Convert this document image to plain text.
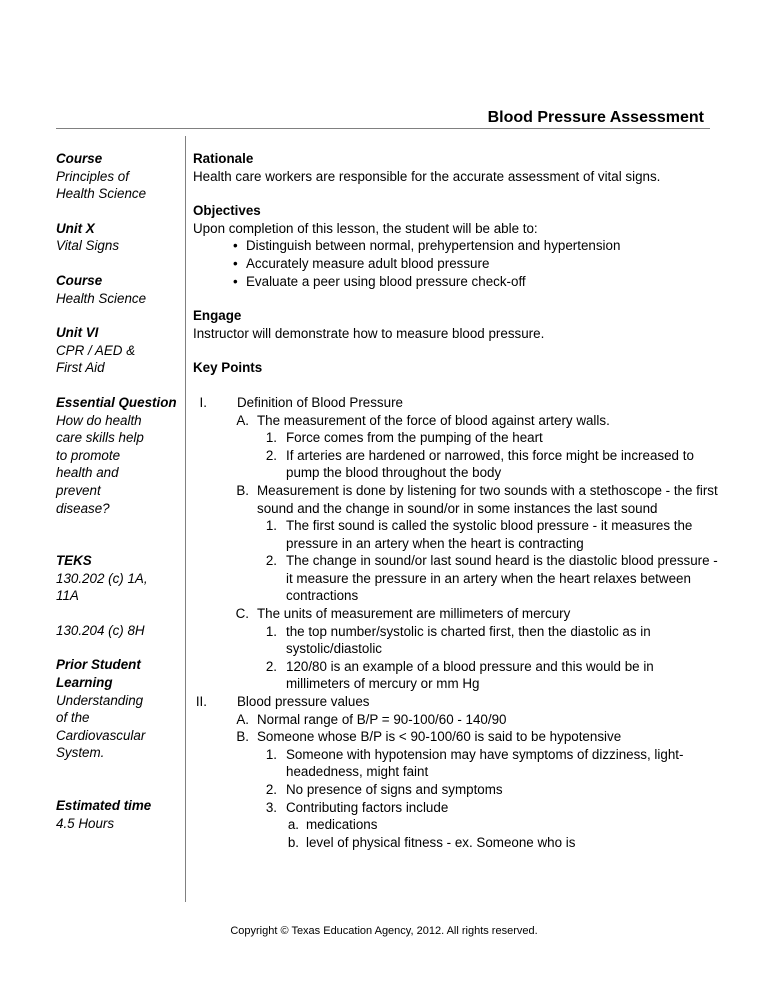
Blood Pressure Assessment
Course
Principles of
Health Science
Unit X
Vital Signs
Course
Health Science
Unit VI
CPR / AED &
First Aid
Essential Question
How do health
care skills help
to promote
health and
prevent
disease?
TEKS
130.202 (c) 1A,
11A
130.204 (c) 8H
Prior Student Learning
Understanding
of the
Cardiovascular
System.
Estimated time
4.5 Hours
Rationale

Health care workers are responsible for the accurate assessment of vital signs.

Objectives

Upon completion of this lesson, the student will be able to:

• Distinguish between normal, prehypertension and hypertension
• Accurately measure adult blood pressure
• Evaluate a peer using blood pressure check-off
Engage

Instructor will demonstrate how to measure blood pressure.

Key Points
I. Definition of Blood Pressure
A. The measurement of the force of blood against artery walls.
1. Force comes from the pumping of the heart
2. If arteries are hardened or narrowed, this force might be increased to pump the blood throughout the body
B. Measurement is done by listening for two sounds with a stethoscope - the first sound and the change in sound/or in some instances the last sound
1. The first sound is called the systolic blood pressure - it measures the pressure in an artery when the heart is contracting
2. The change in sound/or last sound heard is the diastolic blood pressure - it measure the pressure in an artery when the heart relaxes between contractions
C. The units of measurement are millimeters of mercury
1. the top number/systolic is charted first, then the diastolic as in systolic/diastolic
2. 120/80 is an example of a blood pressure and this would be in millimeters of mercury or mm Hg
II. Blood pressure values
A. Normal range of B/P = 90-100/60 - 140/90
B. Someone whose B/P is < 90-100/60 is said to be hypotensive
1. Someone with hypotension may have symptoms of dizziness, light-headedness, might faint
2. No presence of signs and symptoms
3. Contributing factors include
a. medications
b. level of physical fitness - ex. Someone who is
Copyright © Texas Education Agency, 2012. All rights reserved.
